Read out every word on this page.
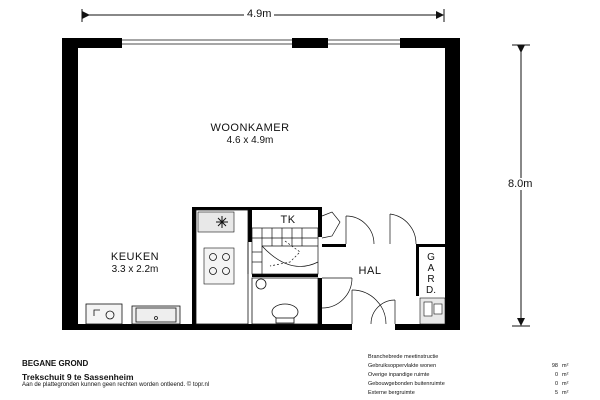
4.9m
8.0m
WOONKAMER
4.6 x 4.9m
KEUKEN
3.3 x 2.2m
TK
HAL
G
A
R
D.
BEGANE GROND
Trekschuit 9 te Sassenheim
Aan de plattegronden kunnen geen rechten worden ontleend. © topr.nl
Branchebrede meetinstructie
Gebruiksoppervlakte wonen	98 m²
Overige inpandige ruimte	0 m²
Gebouwgebonden buitenruimte	0 m²
Externe bergruimte	5 m²
